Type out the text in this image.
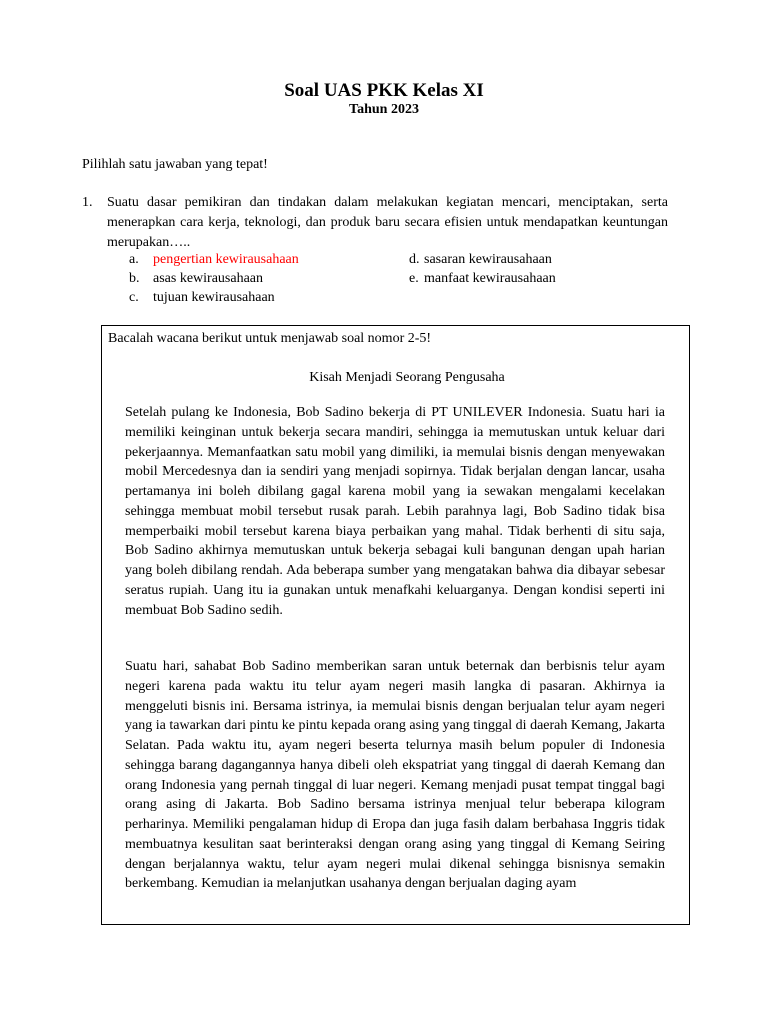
Soal UAS PKK Kelas XI
Tahun 2023
Pilihlah satu jawaban yang tepat!
1. Suatu dasar pemikiran dan tindakan dalam melakukan kegiatan mencari, menciptakan, serta menerapkan cara kerja, teknologi, dan produk baru secara efisien untuk mendapatkan keuntungan merupakan…..
a. pengertian kewirausahaan
b. asas kewirausahaan
c. tujuan kewirausahaan
d. sasaran kewirausahaan
e. manfaat kewirausahaan
Bacalah wacana berikut untuk menjawab soal nomor 2-5!
Kisah Menjadi Seorang Pengusaha
Setelah pulang ke Indonesia, Bob Sadino bekerja di PT UNILEVER Indonesia. Suatu hari ia memiliki keinginan untuk bekerja secara mandiri, sehingga ia memutuskan untuk keluar dari pekerjaannya. Memanfaatkan satu mobil yang dimiliki, ia memulai bisnis dengan menyewakan mobil Mercedesnya dan ia sendiri yang menjadi sopirnya. Tidak berjalan dengan lancar, usaha pertamanya ini boleh dibilang gagal karena mobil yang ia sewakan mengalami kecelakan sehingga membuat mobil tersebut rusak parah. Lebih parahnya lagi, Bob Sadino tidak bisa memperbaiki mobil tersebut karena biaya perbaikan yang mahal. Tidak berhenti di situ saja, Bob Sadino akhirnya memutuskan untuk bekerja sebagai kuli bangunan dengan upah harian yang boleh dibilang rendah. Ada beberapa sumber yang mengatakan bahwa dia dibayar sebesar seratus rupiah. Uang itu ia gunakan untuk menafkahi keluarganya. Dengan kondisi seperti ini membuat Bob Sadino sedih.
Suatu hari, sahabat Bob Sadino memberikan saran untuk beternak dan berbisnis telur ayam negeri karena pada waktu itu telur ayam negeri masih langka di pasaran. Akhirnya ia menggeluti bisnis ini. Bersama istrinya, ia memulai bisnis dengan berjualan telur ayam negeri yang ia tawarkan dari pintu ke pintu kepada orang asing yang tinggal di daerah Kemang, Jakarta Selatan. Pada waktu itu, ayam negeri beserta telurnya masih belum populer di Indonesia sehingga barang dagangannya hanya dibeli oleh ekspatriat yang tinggal di daerah Kemang dan orang Indonesia yang pernah tinggal di luar negeri. Kemang menjadi pusat tempat tinggal bagi orang asing di Jakarta. Bob Sadino bersama istrinya menjual telur beberapa kilogram perharinya. Memiliki pengalaman hidup di Eropa dan juga fasih dalam berbahasa Inggris tidak membuatnya kesulitan saat berinteraksi dengan orang asing yang tinggal di Kemang Seiring dengan berjalannya waktu, telur ayam negeri mulai dikenal sehingga bisnisnya semakin berkembang. Kemudian ia melanjutkan usahanya dengan berjualan daging ayam
